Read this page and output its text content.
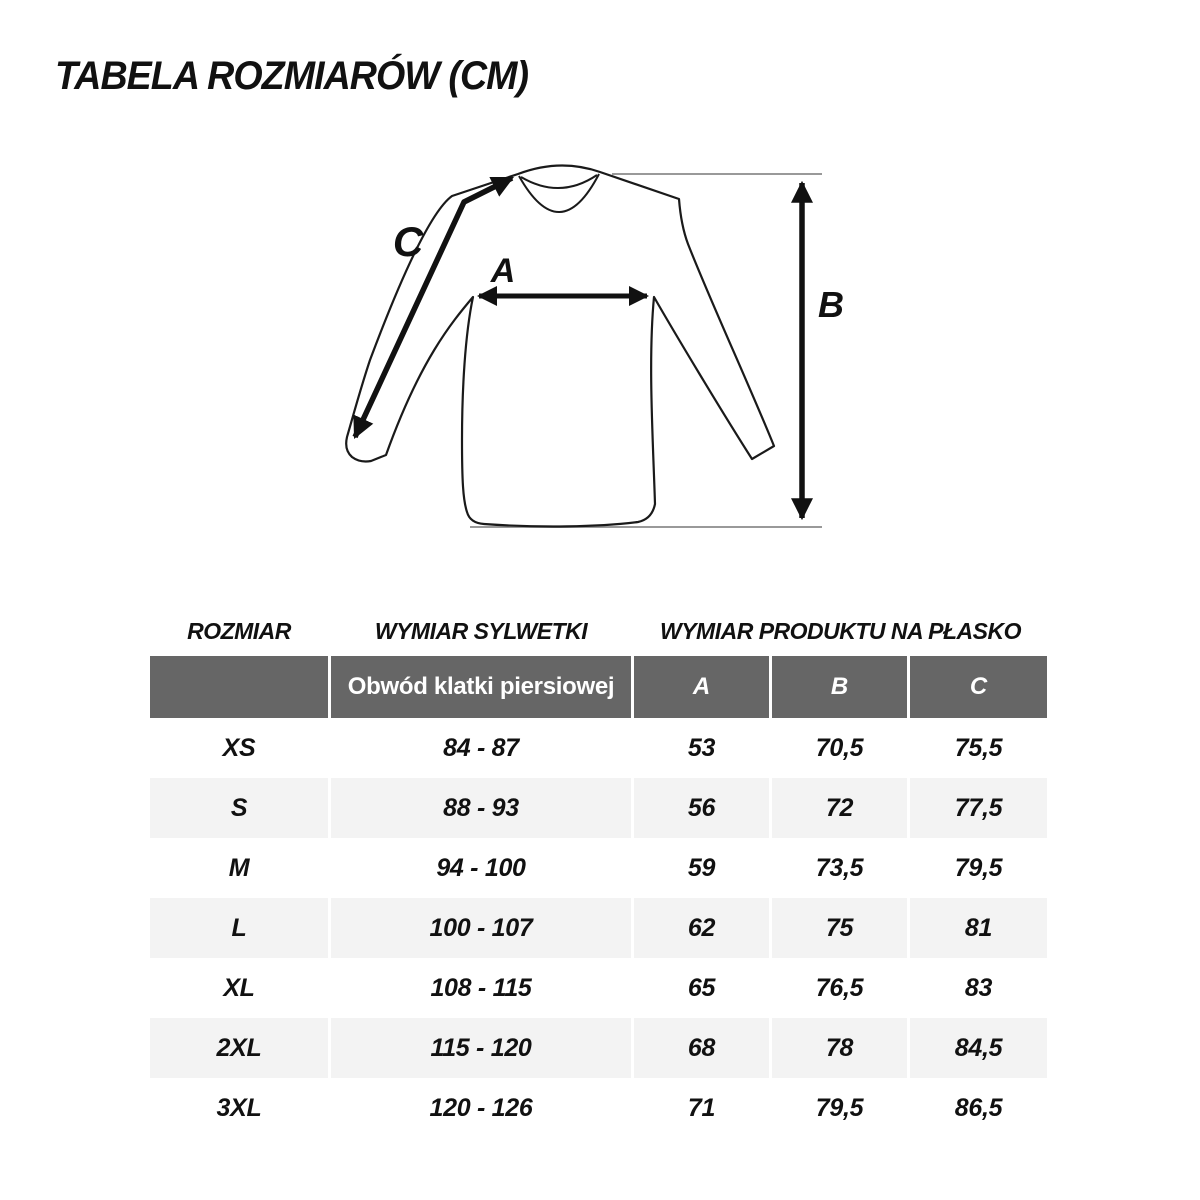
TABELA ROZMIARÓW (CM)
C
A
B
ROZMIAR	WYMIAR SYLWETKI	WYMIAR PRODUKTU NA PŁASKO		
	Obwód klatki piersiowej	A	B	C
XS	84 - 87	53	70,5	75,5
S	88 - 93	56	72	77,5
M	94 - 100	59	73,5	79,5
L	100 - 107	62	75	81
XL	108 - 115	65	76,5	83
2XL	115 - 120	68	78	84,5
3XL	120 - 126	71	79,5	86,5
